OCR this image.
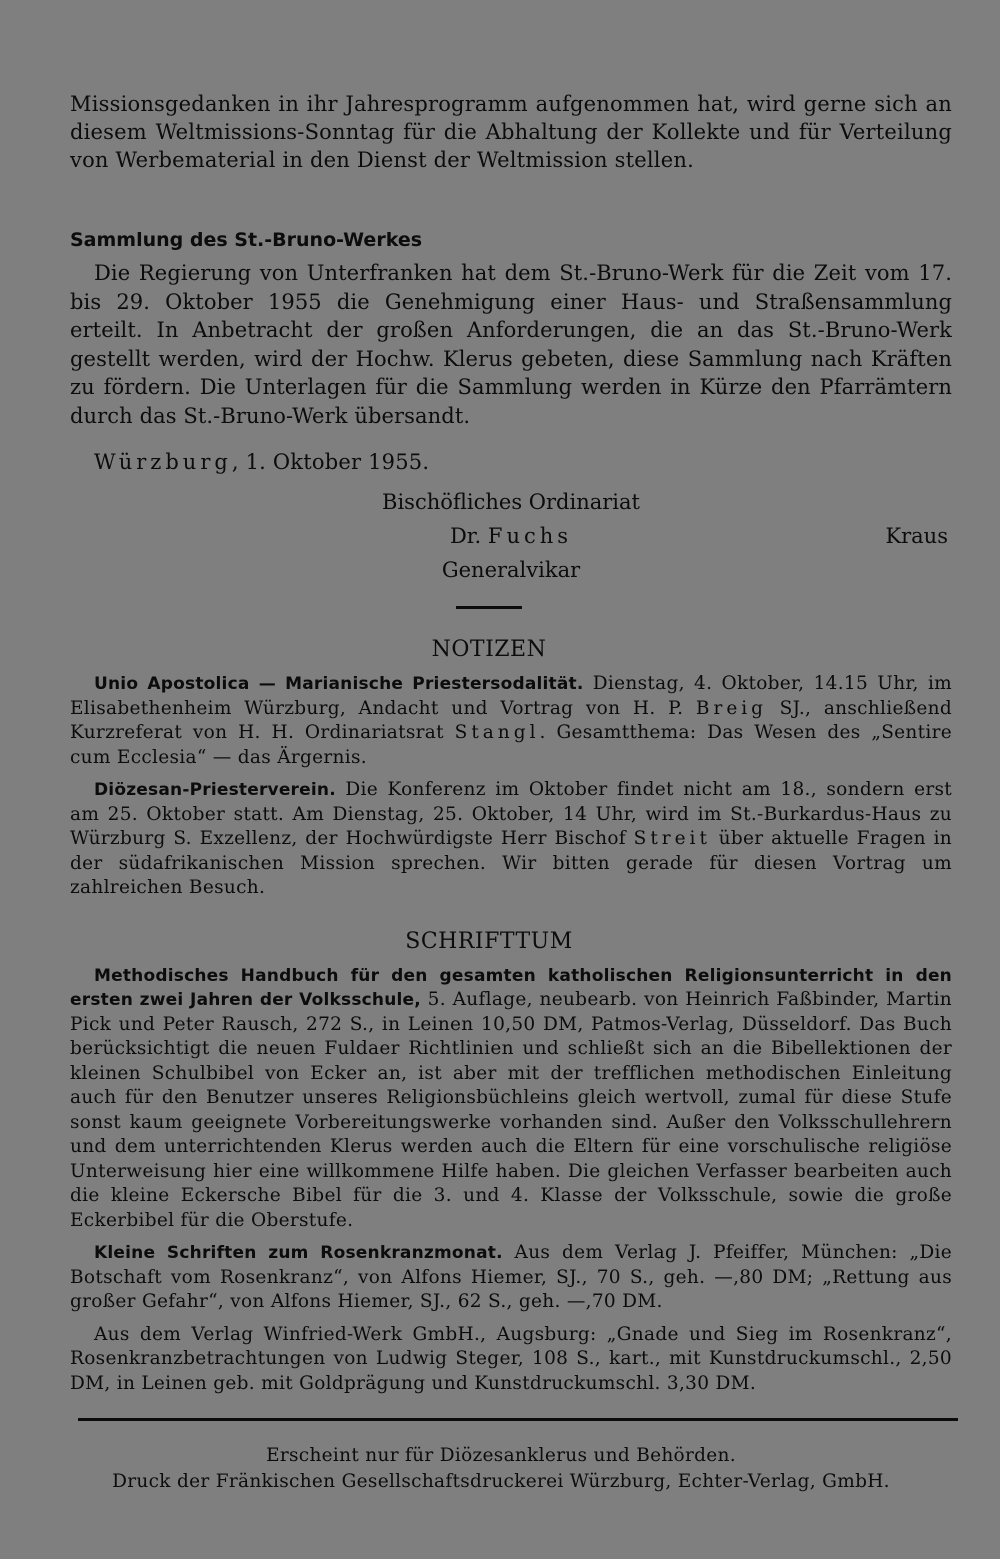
Missionsgedanken in ihr Jahresprogramm aufgenommen hat, wird gerne sich an diesem Weltmissions-Sonntag für die Abhaltung der Kollekte und für Verteilung von Werbematerial in den Dienst der Weltmission stellen.

Sammlung des St.-Bruno-Werkes

Die Regierung von Unterfranken hat dem St.-Bruno-Werk für die Zeit vom 17. bis 29. Oktober 1955 die Genehmigung einer Haus- und Straßensammlung erteilt. In Anbetracht der großen Anforderungen, die an das St.-Bruno-Werk gestellt werden, wird der Hochw. Klerus gebeten, diese Sammlung nach Kräften zu fördern. Die Unterlagen für die Sammlung werden in Kürze den Pfarrämtern durch das St.-Bruno-Werk übersandt.

Würzburg, 1. Oktober 1955.
Bischöfliches Ordinariat
Dr. Fuchs
Generalvikar
Kraus
NOTIZEN

Unio Apostolica — Marianische Priestersodalität. Dienstag, 4. Oktober, 14.15 Uhr, im Elisabethenheim Würzburg, Andacht und Vortrag von H. P. Breig SJ., anschließend Kurzreferat von H. H. Ordinariatsrat Stangl. Gesamtthema: Das Wesen des „Sentire cum Ecclesia“ — das Ärgernis.

Diözesan-Priesterverein. Die Konferenz im Oktober findet nicht am 18., sondern erst am 25. Oktober statt. Am Dienstag, 25. Oktober, 14 Uhr, wird im St.-Burkardus-Haus zu Würzburg S. Exzellenz, der Hochwürdigste Herr Bischof Streit über aktuelle Fragen in der südafrikanischen Mission sprechen. Wir bitten gerade für diesen Vortrag um zahlreichen Besuch.

SCHRIFTTUM

Methodisches Handbuch für den gesamten katholischen Religionsunterricht in den ersten zwei Jahren der Volksschule, 5. Auflage, neubearb. von Heinrich Faßbinder, Martin Pick und Peter Rausch, 272 S., in Leinen 10,50 DM, Patmos-Verlag, Düsseldorf. Das Buch berücksichtigt die neuen Fuldaer Richtlinien und schließt sich an die Bibellektionen der kleinen Schulbibel von Ecker an, ist aber mit der trefflichen methodischen Einleitung auch für den Benutzer unseres Religionsbüchleins gleich wertvoll, zumal für diese Stufe sonst kaum geeignete Vorbereitungswerke vorhanden sind. Außer den Volksschullehrern und dem unterrichtenden Klerus werden auch die Eltern für eine vorschulische religiöse Unterweisung hier eine willkommene Hilfe haben. Die gleichen Verfasser bearbeiten auch die kleine Eckersche Bibel für die 3. und 4. Klasse der Volksschule, sowie die große Eckerbibel für die Oberstufe.

Kleine Schriften zum Rosenkranzmonat. Aus dem Verlag J. Pfeiffer, München: „Die Botschaft vom Rosenkranz“, von Alfons Hiemer, SJ., 70 S., geh. —,80 DM; „Rettung aus großer Gefahr“, von Alfons Hiemer, SJ., 62 S., geh. —,70 DM.

Aus dem Verlag Winfried-Werk GmbH., Augsburg: „Gnade und Sieg im Rosenkranz“, Rosenkranzbetrachtungen von Ludwig Steger, 108 S., kart., mit Kunstdruckumschl., 2,50 DM, in Leinen geb. mit Goldprägung und Kunstdruckumschl. 3,30 DM.

Erscheint nur für Diözesanklerus und Behörden.
Druck der Fränkischen Gesellschaftsdruckerei Würzburg, Echter-Verlag, GmbH.
